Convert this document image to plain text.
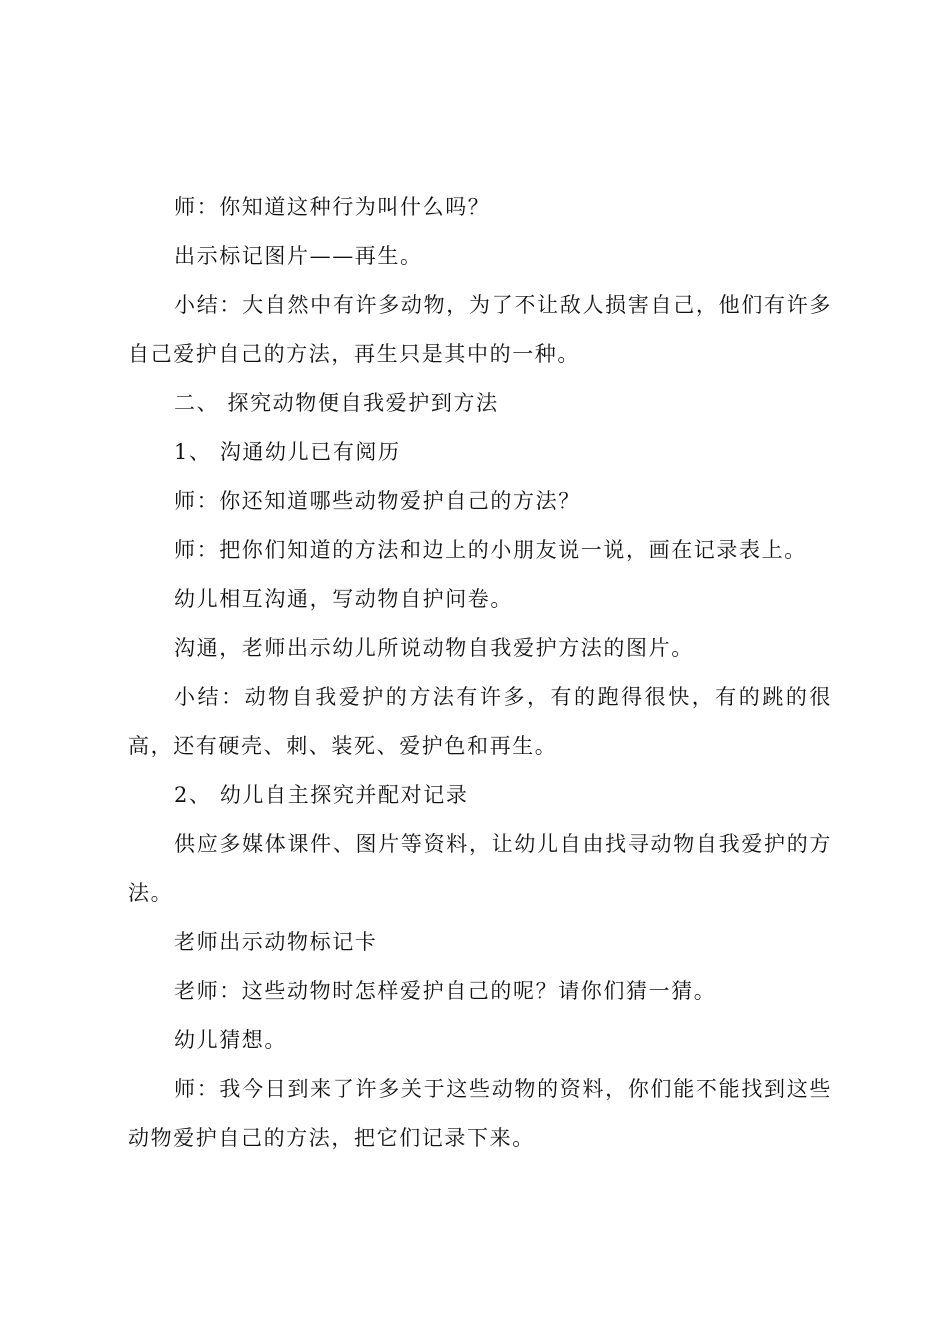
师：你知道这种行为叫什么吗？

出示标记图片——再生。

小结：大自然中有许多动物，为了不让敌人损害自己，他们有许多自己爱护自己的方法，再生只是其中的一种。

二、 探究动物便自我爱护到方法

1、 沟通幼儿已有阅历

师：你还知道哪些动物爱护自己的方法？

师：把你们知道的方法和边上的小朋友说一说，画在记录表上。

幼儿相互沟通，写动物自护问卷。

沟通，老师出示幼儿所说动物自我爱护方法的图片。

小结：动物自我爱护的方法有许多，有的跑得很快，有的跳的很高，还有硬壳、刺、装死、爱护色和再生。

2、 幼儿自主探究并配对记录

供应多媒体课件、图片等资料，让幼儿自由找寻动物自我爱护的方法。

老师出示动物标记卡

老师：这些动物时怎样爱护自己的呢？请你们猜一猜。

幼儿猜想。

师：我今日到来了许多关于这些动物的资料，你们能不能找到这些动物爱护自己的方法，把它们记录下来。
